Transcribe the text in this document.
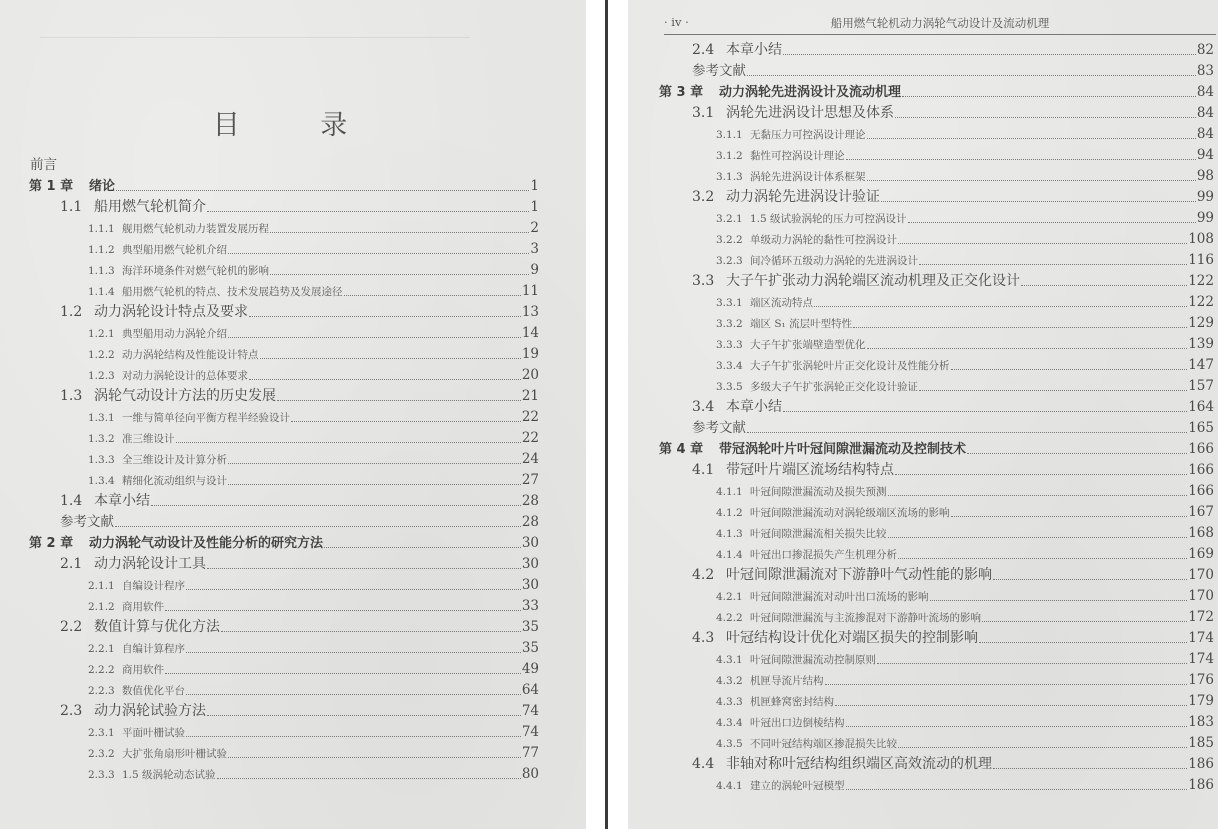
目 录
前言
第 1 章	绪论	1
1.1 船用燃气轮机简介	1
1.1.1 舰用燃气轮机动力装置发展历程	2
1.1.2 典型船用燃气轮机介绍	3
1.1.3 海洋环境条件对燃气轮机的影响	9
1.1.4 船用燃气轮机的特点、技术发展趋势及发展途径	11
1.2 动力涡轮设计特点及要求	13
1.2.1 典型船用动力涡轮介绍	14
1.2.2 动力涡轮结构及性能设计特点	19
1.2.3 对动力涡轮设计的总体要求	20
1.3 涡轮气动设计方法的历史发展	21
1.3.1 一维与简单径向平衡方程半经验设计	22
1.3.2 准三维设计	22
1.3.3 全三维设计及计算分析	24
1.3.4 精细化流动组织与设计	27
1.4 本章小结	28
参考文献	28
第 2 章	动力涡轮气动设计及性能分析的研究方法	30
2.1 动力涡轮设计工具	30
2.1.1 自编设计程序	30
2.1.2 商用软件	33
2.2 数值计算与优化方法	35
2.2.1 自编计算程序	35
2.2.2 商用软件	49
2.2.3 数值优化平台	64
2.3 动力涡轮试验方法	74
2.3.1 平面叶栅试验	74
2.3.2 大扩张角扇形叶栅试验	77
2.3.3 1.5 级涡轮动态试验	80
· iv ·	船用燃气轮机动力涡轮气动设计及流动机理
2.4 本章小结	82
参考文献	83
第 3 章	动力涡轮先进涡设计及流动机理	84
3.1 涡轮先进涡设计思想及体系	84
3.1.1 无黏压力可控涡设计理论	84
3.1.2 黏性可控涡设计理论	94
3.1.3 涡轮先进涡设计体系框架	98
3.2 动力涡轮先进涡设计验证	99
3.2.1 1.5 级试验涡轮的压力可控涡设计	99
3.2.2 单级动力涡轮的黏性可控涡设计	108
3.2.3 间冷循环五级动力涡轮的先进涡设计	116
3.3 大子午扩张动力涡轮端区流动机理及正交化设计	122
3.3.1 端区流动特点	122
3.3.2 端区 S₁ 流层叶型特性	129
3.3.3 大子午扩张端壁造型优化	139
3.3.4 大子午扩张涡轮叶片正交化设计及性能分析	147
3.3.5 多级大子午扩张涡轮正交化设计验证	157
3.4 本章小结	164
参考文献	165
第 4 章	带冠涡轮叶片叶冠间隙泄漏流动及控制技术	166
4.1 带冠叶片端区流场结构特点	166
4.1.1 叶冠间隙泄漏流动及损失预测	166
4.1.2 叶冠间隙泄漏流动对涡轮级端区流场的影响	167
4.1.3 叶冠间隙泄漏流相关损失比较	168
4.1.4 叶冠出口掺混损失产生机理分析	169
4.2 叶冠间隙泄漏流对下游静叶气动性能的影响	170
4.2.1 叶冠间隙泄漏流对动叶出口流场的影响	170
4.2.2 叶冠间隙泄漏流与主流掺混对下游静叶流场的影响	172
4.3 叶冠结构设计优化对端区损失的控制影响	174
4.3.1 叶冠间隙泄漏流动控制原则	174
4.3.2 机匣导流片结构	176
4.3.3 机匣蜂窝密封结构	179
4.3.4 叶冠出口边倒棱结构	183
4.3.5 不同叶冠结构端区掺混损失比较	185
4.4 非轴对称叶冠结构组织端区高效流动的机理	186
4.4.1 建立的涡轮叶冠模型	186
